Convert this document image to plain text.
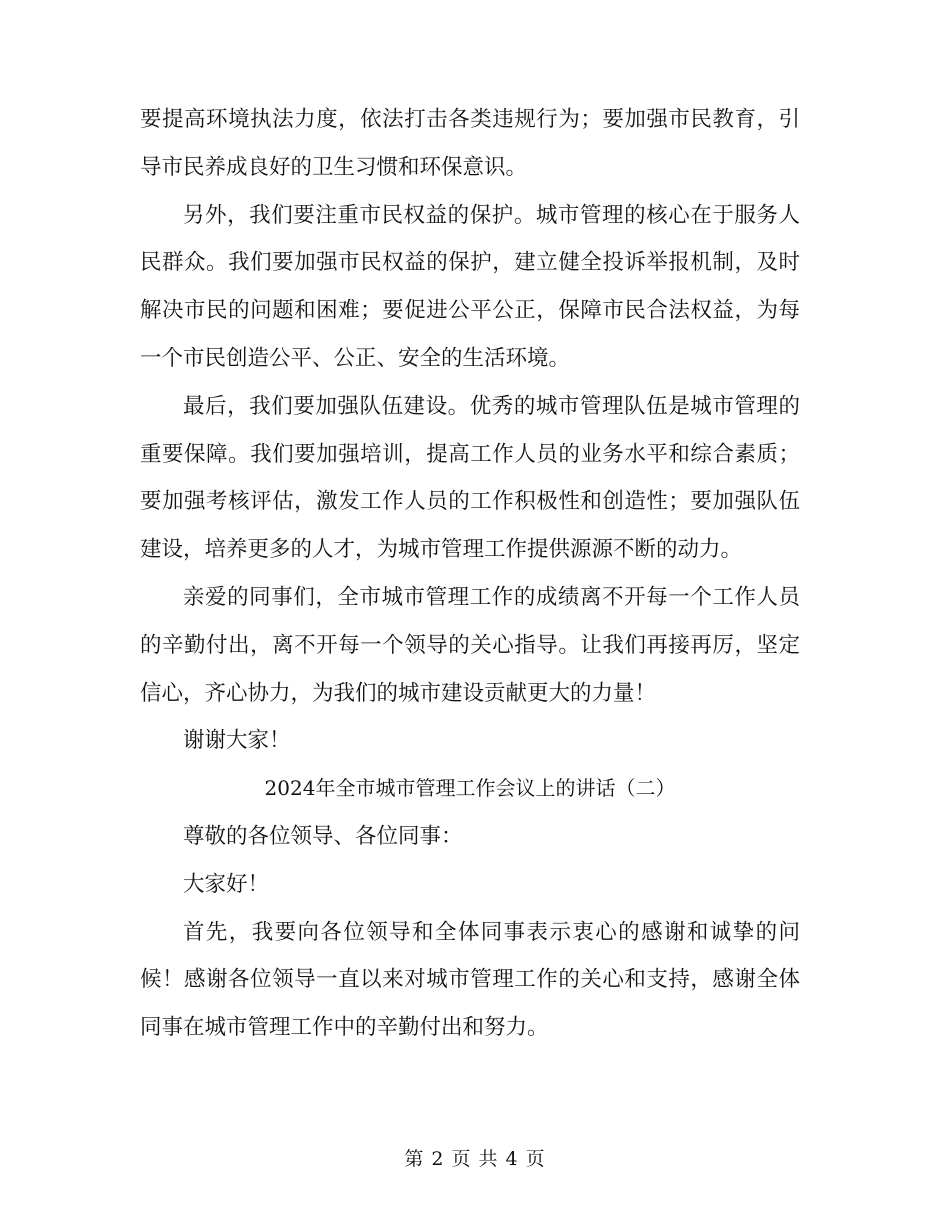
要提高环境执法力度，依法打击各类违规行为；要加强市民教育，引导市民养成良好的卫生习惯和环保意识。

另外，我们要注重市民权益的保护。城市管理的核心在于服务人民群众。我们要加强市民权益的保护，建立健全投诉举报机制，及时解决市民的问题和困难；要促进公平公正，保障市民合法权益，为每一个市民创造公平、公正、安全的生活环境。

最后，我们要加强队伍建设。优秀的城市管理队伍是城市管理的重要保障。我们要加强培训，提高工作人员的业务水平和综合素质；要加强考核评估，激发工作人员的工作积极性和创造性；要加强队伍建设，培养更多的人才，为城市管理工作提供源源不断的动力。

亲爱的同事们，全市城市管理工作的成绩离不开每一个工作人员的辛勤付出，离不开每一个领导的关心指导。让我们再接再厉，坚定信心，齐心协力，为我们的城市建设贡献更大的力量！

谢谢大家！

2024年全市城市管理工作会议上的讲话（二）

尊敬的各位领导、各位同事：

大家好！

首先，我要向各位领导和全体同事表示衷心的感谢和诚挚的问候！感谢各位领导一直以来对城市管理工作的关心和支持，感谢全体同事在城市管理工作中的辛勤付出和努力。

第 2 页 共 4 页
